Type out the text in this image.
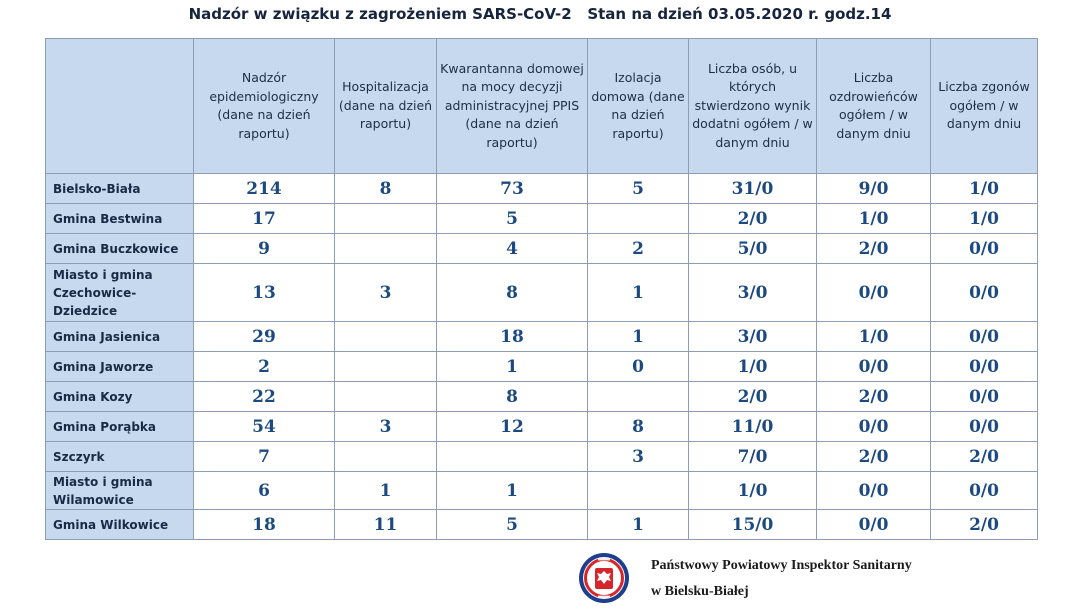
Nadzór w związku z zagrożeniem SARS-CoV-2   Stan na dzień 03.05.2020 r. godz.14
	Nadzór epidemiologiczny (dane na dzień raportu)	Hospitalizacja (dane na dzień raportu)	Kwarantanna domowej na mocy decyzji administracyjnej PPIS (dane na dzień raportu)	Izolacja domowa (dane na dzień raportu)	Liczba osób, u których stwierdzono wynik dodatni ogółem / w danym dniu	Liczba ozdrowieńców ogółem / w danym dniu	Liczba zgonów ogółem / w danym dniu
Bielsko-Biała	214	8	73	5	31/0	9/0	1/0
Gmina Bestwina	17		5		2/0	1/0	1/0
Gmina Buczkowice	9		4	2	5/0	2/0	0/0
Miasto i gmina Czechowice-Dziedzice	13	3	8	1	3/0	0/0	0/0
Gmina Jasienica	29		18	1	3/0	1/0	0/0
Gmina Jaworze	2		1	0	1/0	0/0	0/0
Gmina Kozy	22		8		2/0	2/0	0/0
Gmina Porąbka	54	3	12	8	11/0	0/0	0/0
Szczyrk	7			3	7/0	2/0	2/0
Miasto i gmina Wilamowice	6	1	1		1/0	0/0	0/0
Gmina Wilkowice	18	11	5	1	15/0	0/0	2/0
Państwowy Powiatowy Inspektor Sanitarny
w Bielsku-Białej
